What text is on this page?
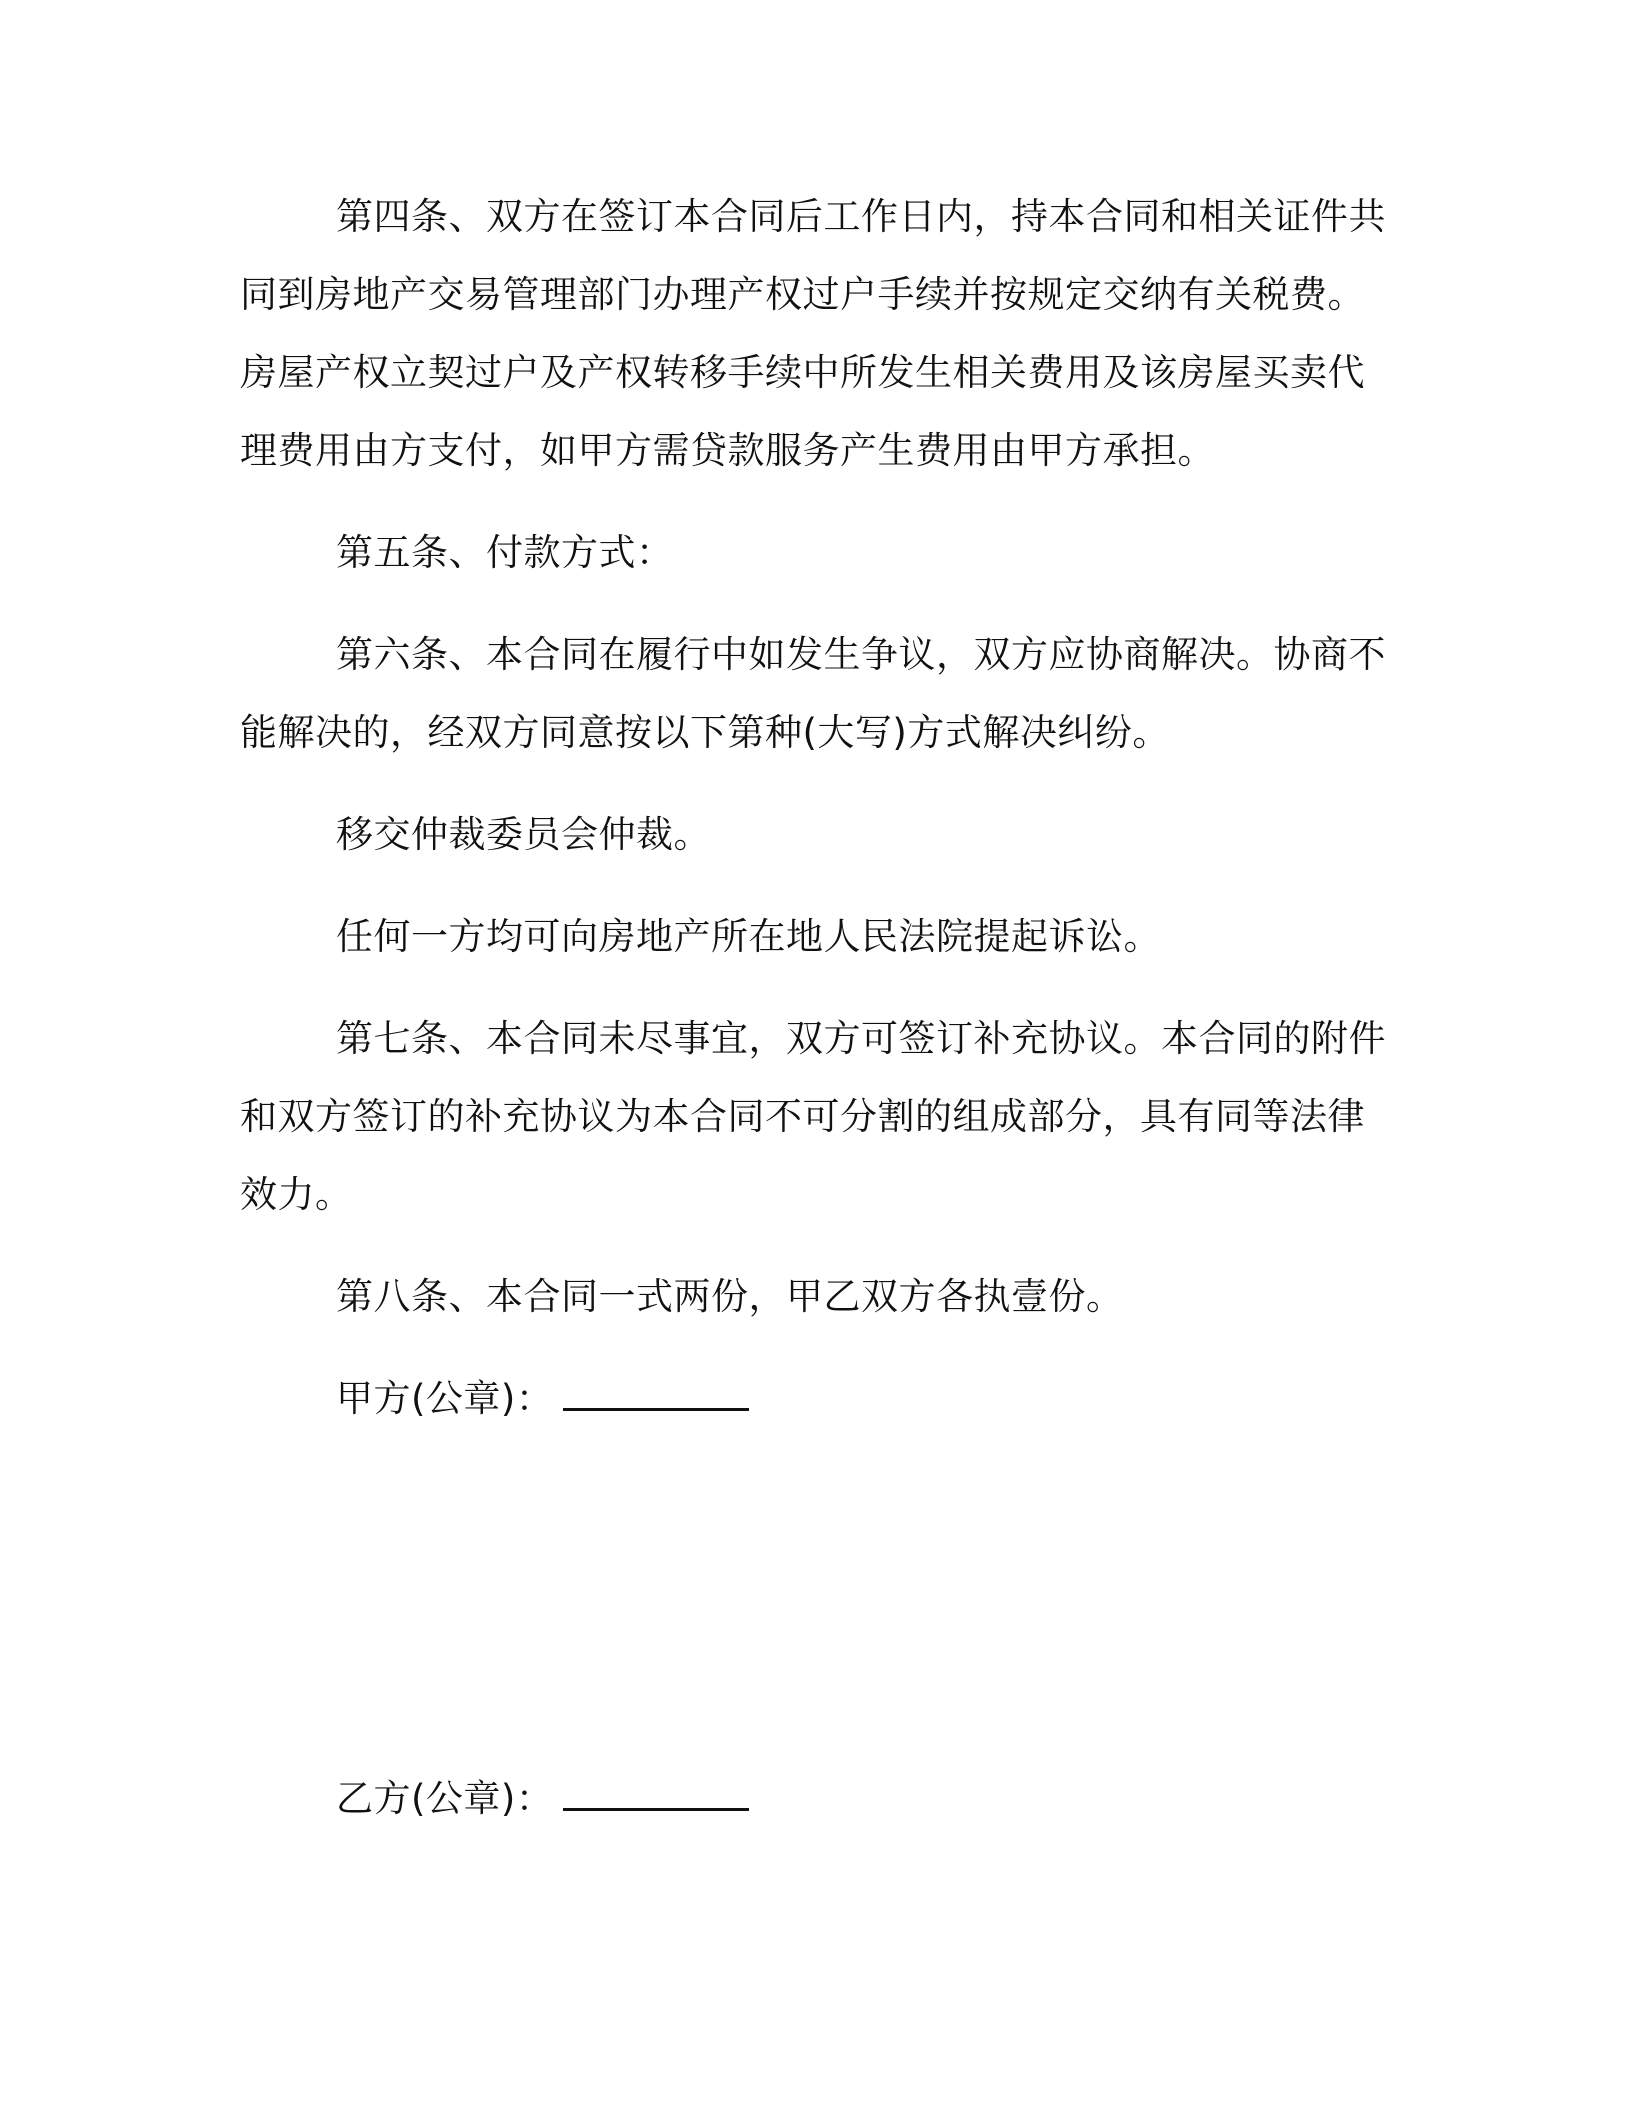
第四条、双方在签订本合同后工作日内，持本合同和相关证件共
同到房地产交易管理部门办理产权过户手续并按规定交纳有关税费。
房屋产权立契过户及产权转移手续中所发生相关费用及该房屋买卖代
理费用由方支付，如甲方需贷款服务产生费用由甲方承担。

第五条、付款方式：

第六条、本合同在履行中如发生争议，双方应协商解决。协商不
能解决的，经双方同意按以下第种(大写)方式解决纠纷。

移交仲裁委员会仲裁。

任何一方均可向房地产所在地人民法院提起诉讼。

第七条、本合同未尽事宜，双方可签订补充协议。本合同的附件
和双方签订的补充协议为本合同不可分割的组成部分，具有同等法律
效力。

第八条、本合同一式两份，甲乙双方各执壹份。

甲方(公章)：
乙方(公章)：
